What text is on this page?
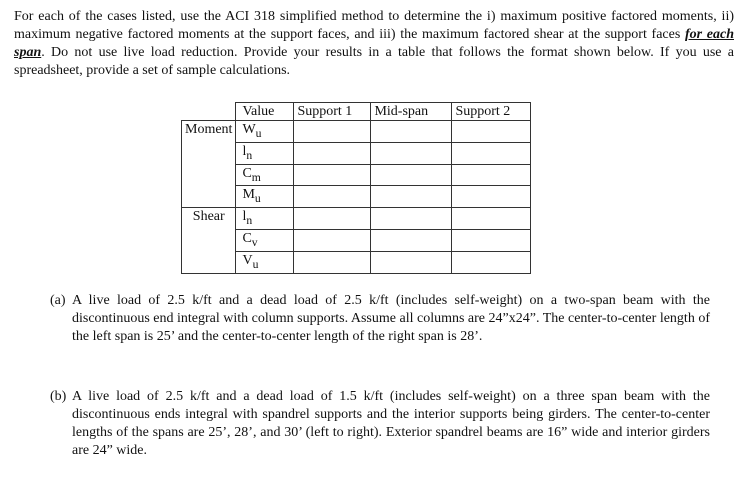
For each of the cases listed, use the ACI 318 simplified method to determine the i) maximum positive factored moments, ii) maximum negative factored moments at the support faces, and iii) the maximum factored shear at the support faces for each span. Do not use live load reduction. Provide your results in a table that follows the format shown below. If you use a spreadsheet, provide a set of sample calculations.

	Value	Support 1	Mid-span	Support 2
Moment	$W_u$			
	$l_n$			
	$C_m$			
	$M_u$			
Shear	$l_n$			
	$C_v$			
	$V_u$			

(a) A live load of 2.5 k/ft and a dead load of 2.5 k/ft (includes self-weight) on a two-span beam with the discontinuous end integral with column supports. Assume all columns are 24”x24”. The center-to-center length of the left span is 25’ and the center-to-center length of the right span is 28’.

(b) A live load of 2.5 k/ft and a dead load of 1.5 k/ft (includes self-weight) on a three span beam with the discontinuous ends integral with spandrel supports and the interior supports being girders. The center-to-center lengths of the spans are 25’, 28’, and 30’ (left to right). Exterior spandrel beams are 16” wide and interior girders are 24” wide.
